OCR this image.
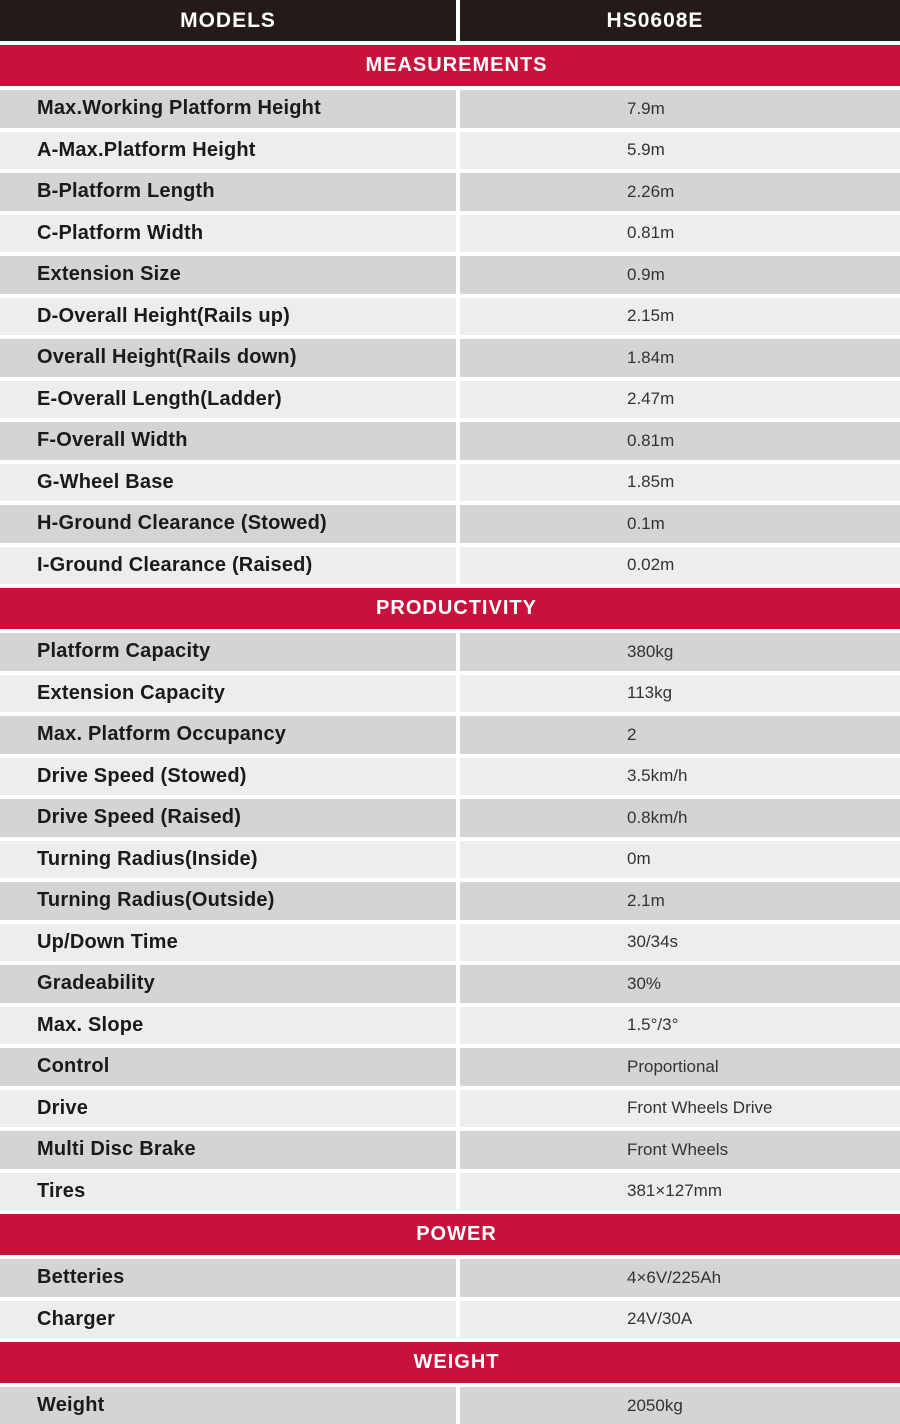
MODELS	HS0608E
MEASUREMENTS
Max.Working Platform Height	7.9m
A-Max.Platform Height	5.9m
B-Platform Length	2.26m
C-Platform Width	0.81m
Extension Size	0.9m
D-Overall Height(Rails up)	2.15m
Overall Height(Rails down)	1.84m
E-Overall Length(Ladder)	2.47m
F-Overall Width	0.81m
G-Wheel Base	1.85m
H-Ground Clearance (Stowed)	0.1m
I-Ground Clearance (Raised)	0.02m
PRODUCTIVITY
Platform Capacity	380kg
Extension Capacity	113kg
Max. Platform Occupancy	2
Drive Speed (Stowed)	3.5km/h
Drive Speed (Raised)	0.8km/h
Turning Radius(Inside)	0m
Turning Radius(Outside)	2.1m
Up/Down Time	30/34s
Gradeability	30%
Max. Slope	1.5°/3°
Control	Proportional
Drive	Front Wheels Drive
Multi Disc Brake	Front Wheels
Tires	381×127mm
POWER
Betteries	4×6V/225Ah
Charger	24V/30A
WEIGHT
Weight	2050kg
